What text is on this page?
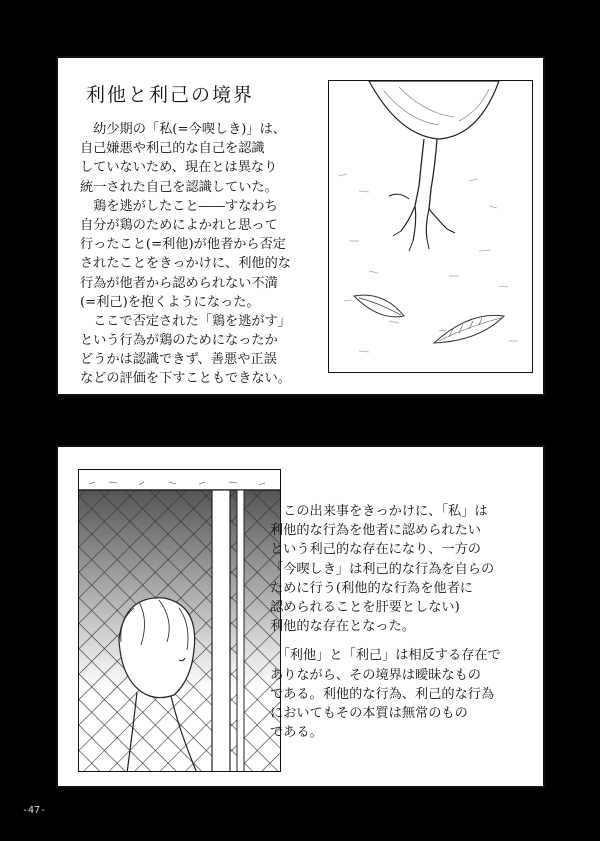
利他と利己の境界
　幼少期の「私(=今喫しき)」は、
自己嫌悪や利己的な自己を認識
していないため、現在とは異なり
統一された自己を認識していた。
　鶏を逃がしたこと――すなわち
自分が鶏のためによかれと思って
行ったこと(=利他)が他者から否定
されたことをきっかけに、利他的な
行為が他者から認められない不満
(=利己)を抱くようになった。
　ここで否定された「鶏を逃がす」
という行為が鶏のためになったか
どうかは認識できず、善悪や正誤
などの評価を下すこともできない。
　この出来事をきっかけに、「私」は
利他的な行為を他者に認められたい
という利己的な存在になり、一方の
「今喫しき」は利己的な行為を自らの
ために行う(利他的な行為を他者に
認められることを肝要としない)
利他的な存在となった。
　「利他」と「利己」は相反する存在で
ありながら、その境界は曖昧なもの
である。利他的な行為、利己的な行為
においてもその本質は無常のもの
である。
-47-
